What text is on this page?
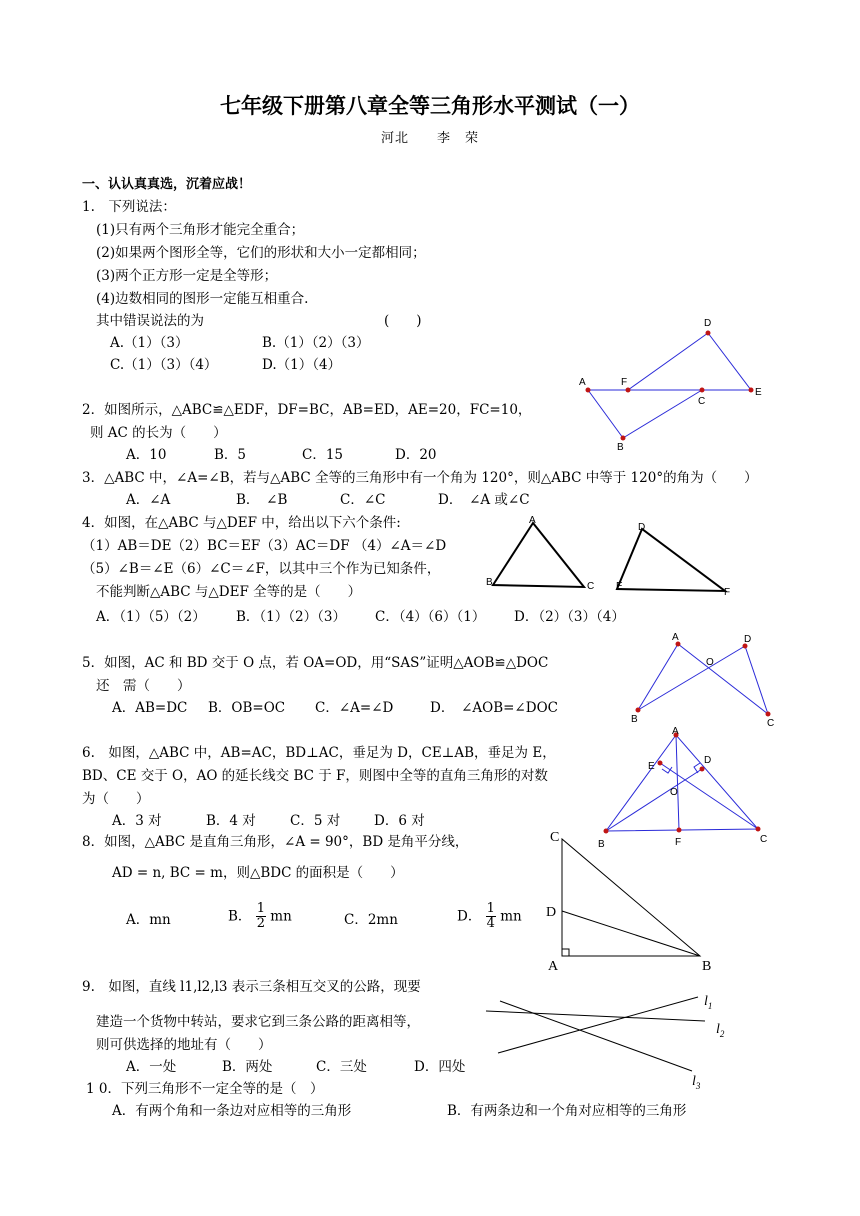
七年级下册第八章全等三角形水平测试（一）
河北　　李　荣
一、认认真真选，沉着应战！
1.　下列说法：
(1)只有两个三角形才能完全重合；
(2)如果两个图形全等，它们的形状和大小一定都相同；
(3)两个正方形一定是全等形；
(4)边数相同的图形一定能互相重合.
其中错误说法的为	(　　)
A.（1）（3）	B.（1）（2）（3）
C.（1）（3）（4）	D.（1）（4）
A	F
E
D
C
B
2．如图所示，△ABC≌△EDF，DF=BC，AB=ED，AE=20，FC=10，
则 AC 的长为（　　）
A．10	B．5	C．15	D．20
3．△ABC 中，∠A=∠B，若与△ABC 全等的三角形中有一个角为 120°，则△ABC 中等于 120°的角为（　　）
A．∠A	B．　∠B	C．∠C	D．　∠A 或∠C
A
B	C
D
E
F
4．如图，在△ABC 与△DEF 中，给出以下六个条件:
（1）AB＝DE（2）BC＝EF（3）AC＝DF （4）∠A＝∠D
（5）∠B＝∠E（6）∠C＝∠F，以其中三个作为已知条件，
不能判断△ABC 与△DEF 全等的是（　　）
A．（1）（5）（2） B．（1）（2）（3） C．（4）（6）（1） D．（2）（3）（4）
A	D
O
B	C
5．如图，AC 和 BD 交于 O 点，若 OA=OD，用“SAS”证明△AOB≌△DOC
还　需（　　）
A．AB=DC B．OB=OC C．∠A=∠D	D．　∠AOB=∠DOC
A
E
D
O
B	F	C
6.　如图，△ABC 中，AB=AC，BD⊥AC，垂足为 D，CE⊥AB，垂足为 E，
BD、CE 交于 O，AO 的延长线交 BC 于 F，则图中全等的直角三角形的对数
为（　　）
A．3 对	B．4 对	C．5 对	D．6 对
C
D
A	B
8．如图，△ABC 是直角三角形，∠A = 90°，BD 是角平分线，
AD = n, BC = m，则△BDC 的面积是（　　）
A．mn	B． $\frac{1}{2}$ mn	C．2mn	D． $\frac{1}{4}$ mn
$l_1$
$l_2$
$l_3$
9.　如图，直线 l1,l2,l3 表示三条相互交叉的公路，现要
建造一个货物中转站，要求它到三条公路的距离相等，
则可供选择的地址有（　　）
A．一处	B．两处	C．三处	D．四处
1 0．下列三角形不一定全等的是（　）
A．有两个角和一条边对应相等的三角形	B．有两条边和一个角对应相等的三角形
